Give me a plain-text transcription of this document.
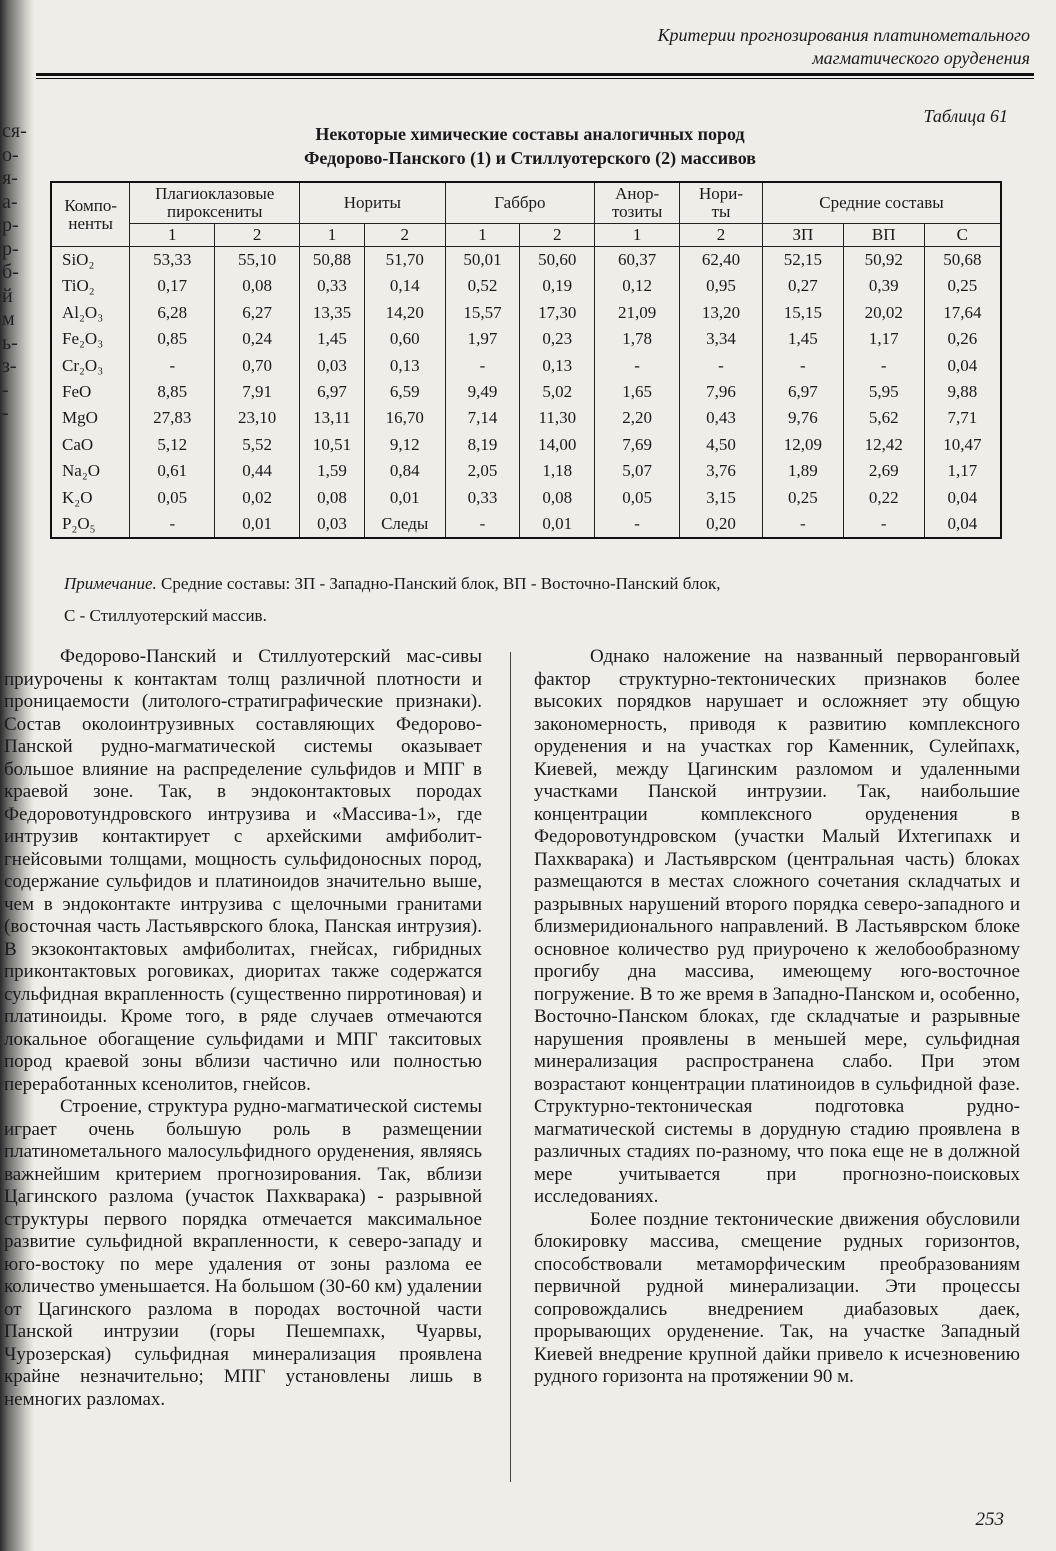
ся-
о-
я-
а-
р-
р-
б-
й
м
ь-
з-
-
-
Критерии прогнозирования платинометального
магматического оруденения
Таблица 61
Некоторые химические составы аналогичных пород
Федорово-Панского (1) и Стиллуотерского (2) массивов
Компо-
ненты	Плагиоклазовые
пироксениты		Нориты		Габбро		Анор-
тозиты	Нори-
ты	Средние составы		
	1	2	1	2	1	2	1	2	ЗП	ВП	С
SiO₂	53,33	55,10	50,88	51,70	50,01	50,60	60,37	62,40	52,15	50,92	50,68
TiO₂	0,17	0,08	0,33	0,14	0,52	0,19	0,12	0,95	0,27	0,39	0,25
Al₂O₃	6,28	6,27	13,35	14,20	15,57	17,30	21,09	13,20	15,15	20,02	17,64
Fe₂O₃	0,85	0,24	1,45	0,60	1,97	0,23	1,78	3,34	1,45	1,17	0,26
Cr₂O₃	-	0,70	0,03	0,13	-	0,13	-	-	-	-	0,04
FeO	8,85	7,91	6,97	6,59	9,49	5,02	1,65	7,96	6,97	5,95	9,88
MgO	27,83	23,10	13,11	16,70	7,14	11,30	2,20	0,43	9,76	5,62	7,71
CaO	5,12	5,52	10,51	9,12	8,19	14,00	7,69	4,50	12,09	12,42	10,47
Na₂O	0,61	0,44	1,59	0,84	2,05	1,18	5,07	3,76	1,89	2,69	1,17
K₂O	0,05	0,02	0,08	0,01	0,33	0,08	0,05	3,15	0,25	0,22	0,04
P₂O₅	-	0,01	0,03	Следы	-	0,01	-	0,20	-	-	0,04
Примечание. Средние составы: ЗП - Западно-Панский блок, ВП - Восточно-Панский блок,
С - Стиллуотерский массив.

Федорово-Панский и Стиллуотерский мас-сивы приурочены к контактам толщ различной плотности и проницаемости (литолого-стратиграфические признаки). Состав околоинтрузивных составляющих Федорово-Панской рудно-магматической системы оказывает большое влияние на распределение сульфидов и МПГ в краевой зоне. Так, в эндоконтактовых породах Федоровотундровского интрузива и «Массива-1», где интрузив контактирует с архейскими амфиболит-гнейсовыми толщами, мощность сульфидоносных пород, содержание сульфидов и платиноидов значительно выше, чем в эндоконтакте интрузива с щелочными гранитами (восточная часть Ластьяврского блока, Панская интрузия). В экзоконтактовых амфиболитах, гнейсах, гибридных приконтактовых роговиках, диоритах также содержатся сульфидная вкрапленность (существенно пирротиновая) и платиноиды. Кроме того, в ряде случаев отмечаются локальное обогащение сульфидами и МПГ такситовых пород краевой зоны вблизи частично или полностью переработанных ксенолитов, гнейсов.

Строение, структура рудно-магматической системы играет очень большую роль в размещении платинометального малосульфидного оруденения, являясь важнейшим критерием прогнозирования. Так, вблизи Цагинского разлома (участок Пахкварака) - разрывной структуры первого порядка отмечается максимальное развитие сульфидной вкрапленности, к северо-западу и юго-востоку по мере удаления от зоны разлома ее количество уменьшается. На большом (30-60 км) удалении от Цагинского разлома в породах восточной части Панской интрузии (горы Пешемпахк, Чуарвы, Чурозерская) сульфидная минерализация проявлена крайне незначительно; МПГ установлены лишь в немногих разломах.

Однако наложение на названный перворанговый фактор структурно-тектонических признаков более высоких порядков нарушает и осложняет эту общую закономерность, приводя к развитию комплексного оруденения и на участках гор Каменник, Сулейпахк, Киевей, между Цагинским разломом и удаленными участками Панской интрузии. Так, наибольшие концентрации комплексного оруденения в Федоровотундровском (участки Малый Ихтегипахк и Пахкварака) и Ластьяврском (центральная часть) блоках размещаются в местах сложного сочетания складчатых и разрывных нарушений второго порядка северо-западного и близмеридионального направлений. В Ластьяврском блоке основное количество руд приурочено к желобообразному прогибу дна массива, имеющему юго-восточное погружение. В то же время в Западно-Панском и, особенно, Восточно-Панском блоках, где складчатые и разрывные нарушения проявлены в меньшей мере, сульфидная минерализация распространена слабо. При этом возрастают концентрации платиноидов в сульфидной фазе. Структурно-тектоническая подготовка рудно-магматической системы в дорудную стадию проявлена в различных стадиях по-разному, что пока еще не в должной мере учитывается при прогнозно-поисковых исследованиях.

Более поздние тектонические движения обусловили блокировку массива, смещение рудных горизонтов, способствовали метаморфическим преобразованиям первичной рудной минерализации. Эти процессы сопровождались внедрением диабазовых даек, прорывающих оруденение. Так, на участке Западный Киевей внедрение крупной дайки привело к исчезновению рудного горизонта на протяжении 90 м.

253
